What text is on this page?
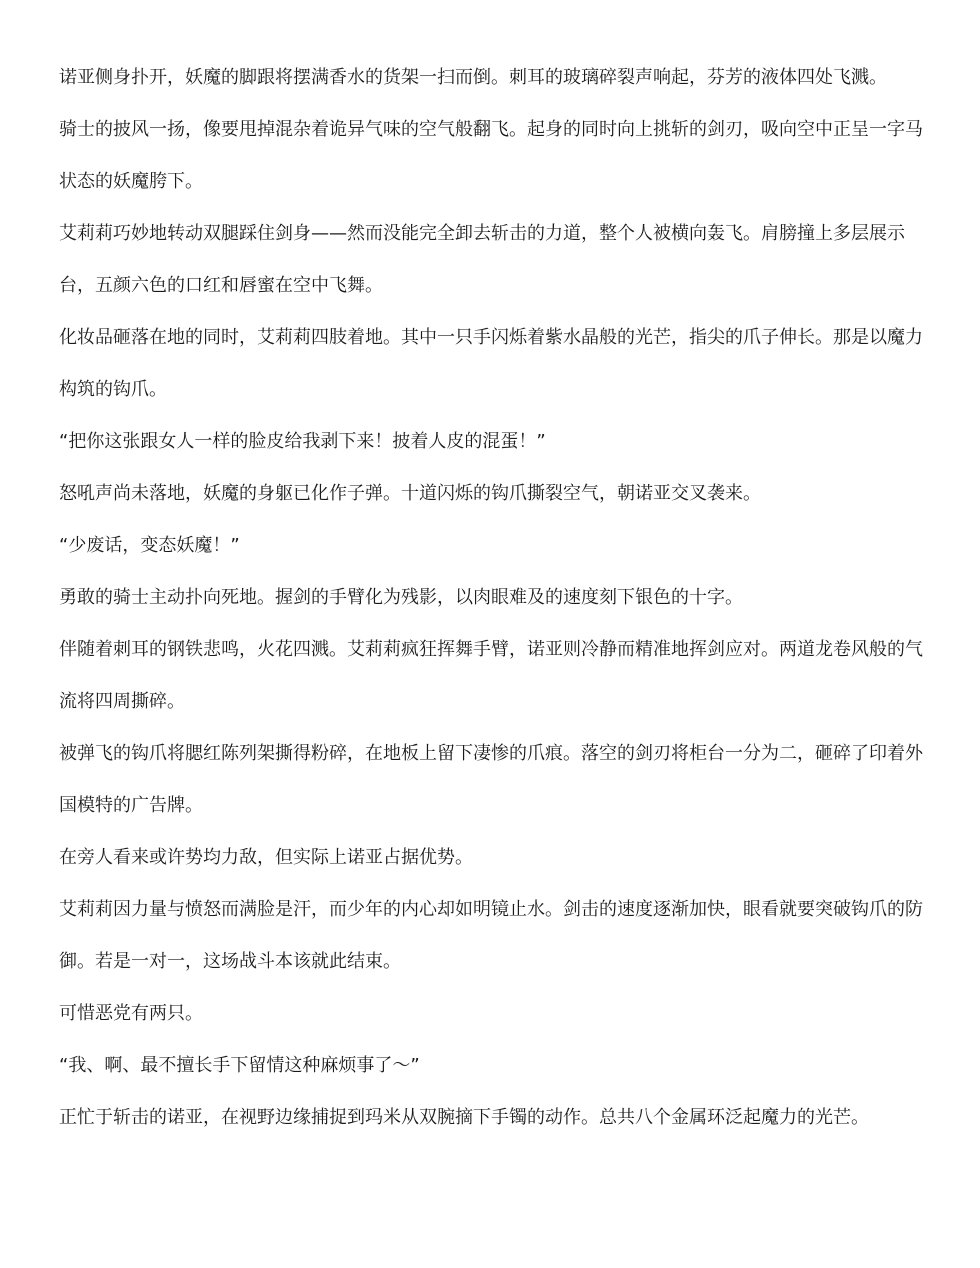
诺亚侧身扑开，妖魔的脚跟将摆满香水的货架一扫而倒。刺耳的玻璃碎裂声响起，芬芳的液体四处飞溅。

骑士的披风一扬，像要甩掉混杂着诡异气味的空气般翻飞。起身的同时向上挑斩的剑刃，吸向空中正呈一字马状态的妖魔胯下。

艾莉莉巧妙地转动双腿踩住剑身——然而没能完全卸去斩击的力道，整个人被横向轰飞。肩膀撞上多层展示台，五颜六色的口红和唇蜜在空中飞舞。

化妆品砸落在地的同时，艾莉莉四肢着地。其中一只手闪烁着紫水晶般的光芒，指尖的爪子伸长。那是以魔力构筑的钩爪。

“把你这张跟女人一样的脸皮给我剥下来！披着人皮的混蛋！”

怒吼声尚未落地，妖魔的身躯已化作子弹。十道闪烁的钩爪撕裂空气，朝诺亚交叉袭来。

“少废话，变态妖魔！”

勇敢的骑士主动扑向死地。握剑的手臂化为残影，以肉眼难及的速度刻下银色的十字。

伴随着刺耳的钢铁悲鸣，火花四溅。艾莉莉疯狂挥舞手臂，诺亚则冷静而精准地挥剑应对。两道龙卷风般的气流将四周撕碎。

被弹飞的钩爪将腮红陈列架撕得粉碎，在地板上留下凄惨的爪痕。落空的剑刃将柜台一分为二，砸碎了印着外国模特的广告牌。

在旁人看来或许势均力敌，但实际上诺亚占据优势。

艾莉莉因力量与愤怒而满脸是汗，而少年的内心却如明镜止水。剑击的速度逐渐加快，眼看就要突破钩爪的防御。若是一对一，这场战斗本该就此结束。

可惜恶党有两只。

“我、啊、最不擅长手下留情这种麻烦事了～”

正忙于斩击的诺亚，在视野边缘捕捉到玛米从双腕摘下手镯的动作。总共八个金属环泛起魔力的光芒。
